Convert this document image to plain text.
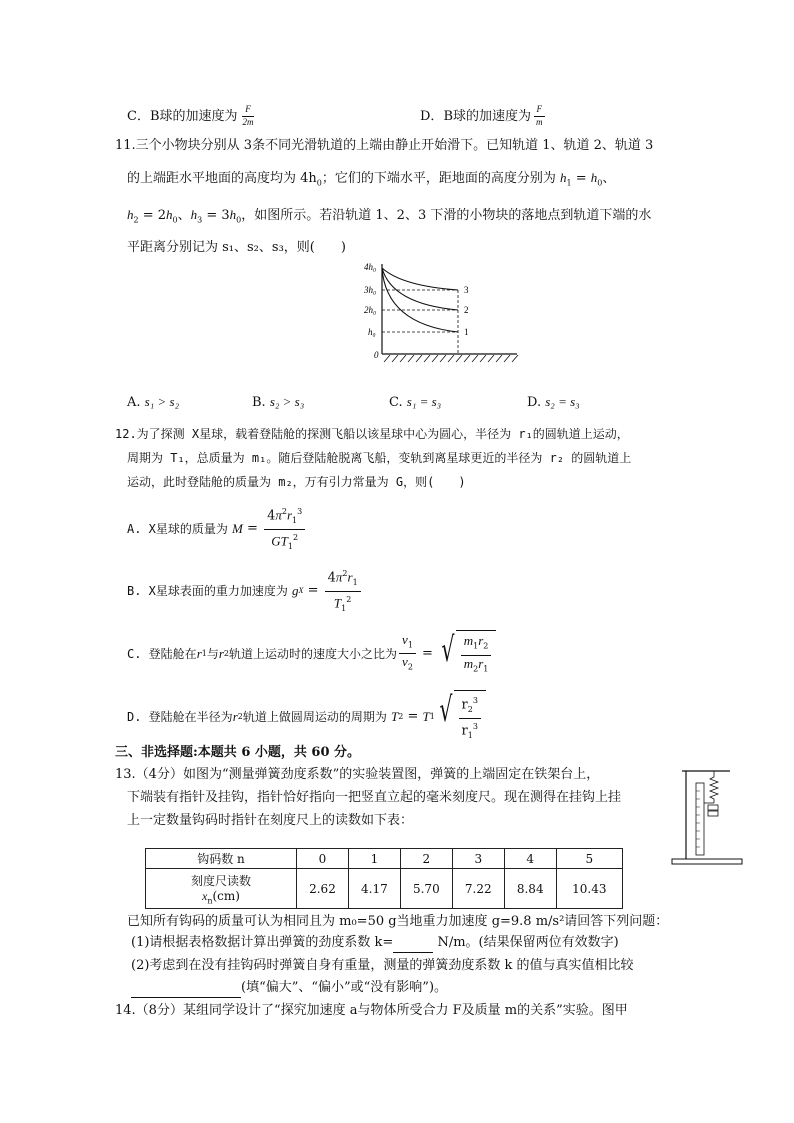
C．B球的加速度为 $\frac{F}{2m}$	D．B球的加速度为 $\frac{F}{m}$
11.三个小物块分别从 3条不同光滑轨道的上端由静止开始滑下。已知轨道 1、轨道 2、轨道 3
的上端距水平地面的高度均为 $4h_0$；它们的下端水平，距地面的高度分别为 $h_1 = h_0$、
$h_2 = 2h_0$、$h_3 = 3h_0$，如图所示。若沿轨道 1、2、3 下滑的小物块的落地点到轨道下端的水
平距离分别记为 s₁、s₂、s₃，则(　　)
4h₀
3h₀
2h₀
h₀
0
3
2
1
A. s₁ > s₂	B. s₂ > s₃	C. s₁ = s₃	D. s₂ = s₃
12.为了探测 X星球，载着登陆舱的探测飞船以该星球中心为圆心，半径为 r₁的圆轨道上运动，
周期为 T₁，总质量为 m₁。随后登陆舱脱离飞船，变轨到离星球更近的半径为 r₂ 的圆轨道上
运动，此时登陆舱的质量为 m₂，万有引力常量为 G，则(　　)
A. X星球的质量为
$M = \frac{4\pi^2r_1^3}{GT_1^2}$
B. X星球表面的重力加速度为
g $X = \frac{4\pi^2r_1}{T_1^2}$
C. 登陆舱在 r 1 与 r 2 轨道上运动时的速度大小之比为 $\frac{v_1}{v_2}$ = √ $\frac{m_1r_2}{m_2r_1}$
D. 登陆舱在半径为 r 2 轨道上做圆周运动的周期为
T 2 = T 1 √ $\frac{r_2^3}{r_1^3}$
三、非选择题:本题共 6 小题，共 60 分。
13.（4分）如图为“测量弹簧劲度系数”的实验装置图，弹簧的上端固定在铁架台上，
下端装有指针及挂钩，指针恰好指向一把竖直立起的毫米刻度尺。现在测得在挂钩上挂
上一定数量钩码时指针在刻度尺上的读数如下表：
钩码数 n	0	1	2	3	4	5

刻度尺读数
$x_n(cm)$	2.62	4.17	5.70	7.22	8.84	10.43
已知所有钩码的质量可认为相同且为 m₀=50 g当地重力加速度 g=9.8 m/s²请回答下列问题：
(1)请根据表格数据计算出弹簧的劲度系数 k=	N/m。(结果保留两位有效数字)
(2)考虑到在没有挂钩码时弹簧自身有重量，测量的弹簧劲度系数 k 的值与真实值相比较
(填“偏大”、“偏小”或“没有影响”)。
14.（8分）某组同学设计了“探究加速度 a与物体所受合力 F及质量 m的关系”实验。图甲
